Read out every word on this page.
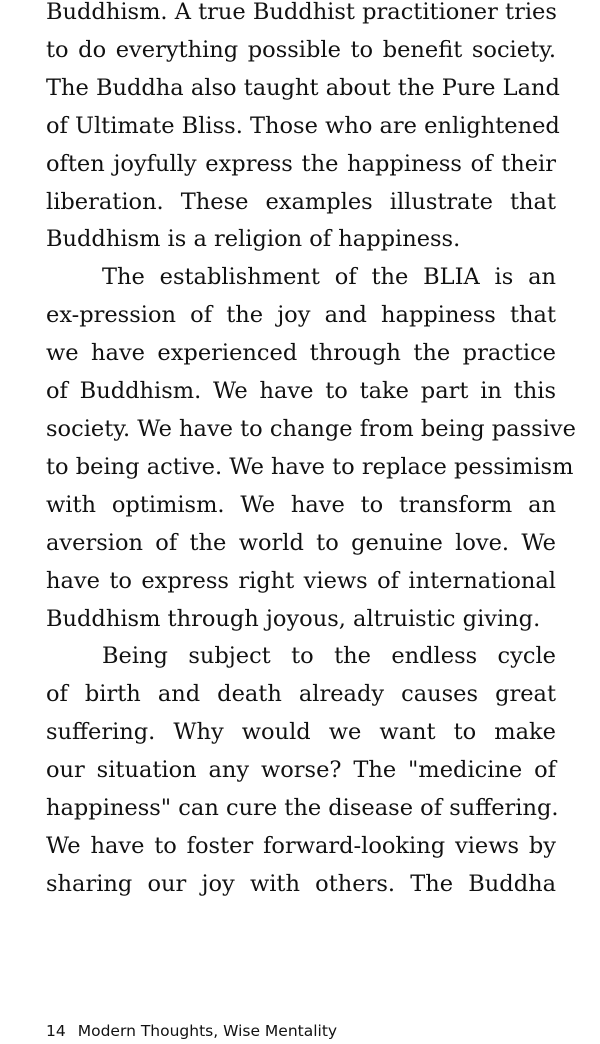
Buddhism. A true Buddhist practitioner tries
to do everything possible to benefit society.
The Buddha also taught about the Pure Land
of Ultimate Bliss. Those who are enlightened
often joyfully express the happiness of their
liberation. These examples illustrate that
Buddhism is a religion of happiness.
The establishment of the BLIA is an
ex-pression of the joy and happiness that
we have experienced through the practice
of Buddhism. We have to take part in this
society. We have to change from being passive
to being active. We have to replace pessimism
with optimism. We have to transform an
aversion of the world to genuine love. We
have to express right views of international
Buddhism through joyous, altruistic giving.
Being subject to the endless cycle
of birth and death already causes great
suffering. Why would we want to make
our situation any worse? The "medicine of
happiness" can cure the disease of suffering.
We have to foster forward-looking views by
sharing our joy with others. The Buddha
14 Modern Thoughts, Wise Mentality
